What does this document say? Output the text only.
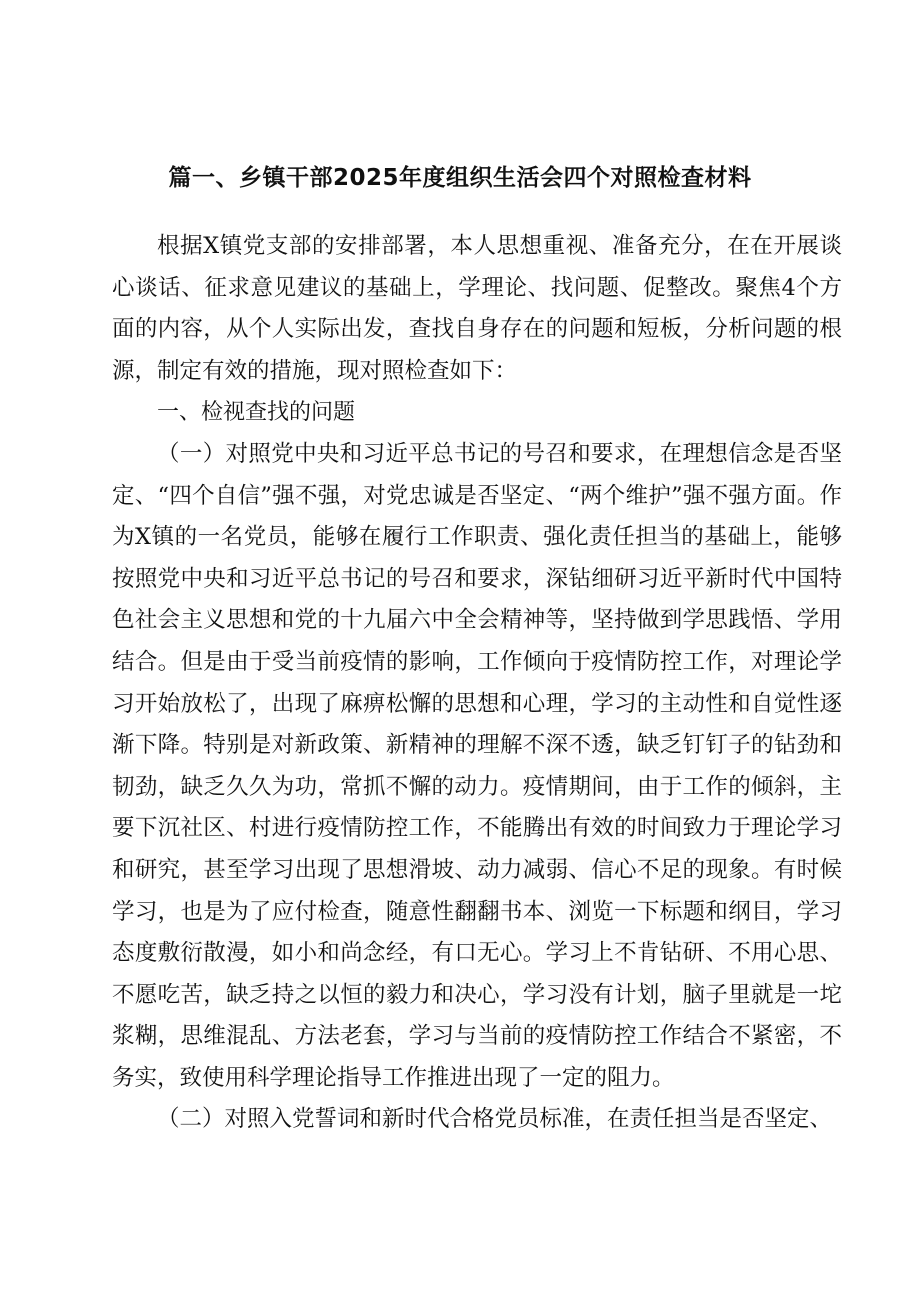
篇一、乡镇干部2025年度组织生活会四个对照检查材料

根据X镇党支部的安排部署，本人思想重视、准备充分，在在开展谈心谈话、征求意见建议的基础上，学理论、找问题、促整改。聚焦4个方面的内容，从个人实际出发，查找自身存在的问题和短板，分析问题的根源，制定有效的措施，现对照检查如下：

一、检视查找的问题

（一）对照党中央和习近平总书记的号召和要求，在理想信念是否坚定、“四个自信”强不强，对党忠诚是否坚定、“两个维护”强不强方面。作为X镇的一名党员，能够在履行工作职责、强化责任担当的基础上，能够按照党中央和习近平总书记的号召和要求，深钻细研习近平新时代中国特色社会主义思想和党的十九届六中全会精神等，坚持做到学思践悟、学用结合。但是由于受当前疫情的影响，工作倾向于疫情防控工作，对理论学习开始放松了，出现了麻痹松懈的思想和心理，学习的主动性和自觉性逐渐下降。特别是对新政策、新精神的理解不深不透，缺乏钉钉子的钻劲和韧劲，缺乏久久为功，常抓不懈的动力。疫情期间，由于工作的倾斜，主要下沉社区、村进行疫情防控工作，不能腾出有效的时间致力于理论学习和研究，甚至学习出现了思想滑坡、动力减弱、信心不足的现象。有时候学习，也是为了应付检查，随意性翻翻书本、浏览一下标题和纲目，学习态度敷衍散漫，如小和尚念经，有口无心。学习上不肯钻研、不用心思、不愿吃苦，缺乏持之以恒的毅力和决心，学习没有计划，脑子里就是一坨浆糊，思维混乱、方法老套，学习与当前的疫情防控工作结合不紧密，不务实，致使用科学理论指导工作推进出现了一定的阻力。

（二）对照入党誓词和新时代合格党员标准，在责任担当是否坚定、
